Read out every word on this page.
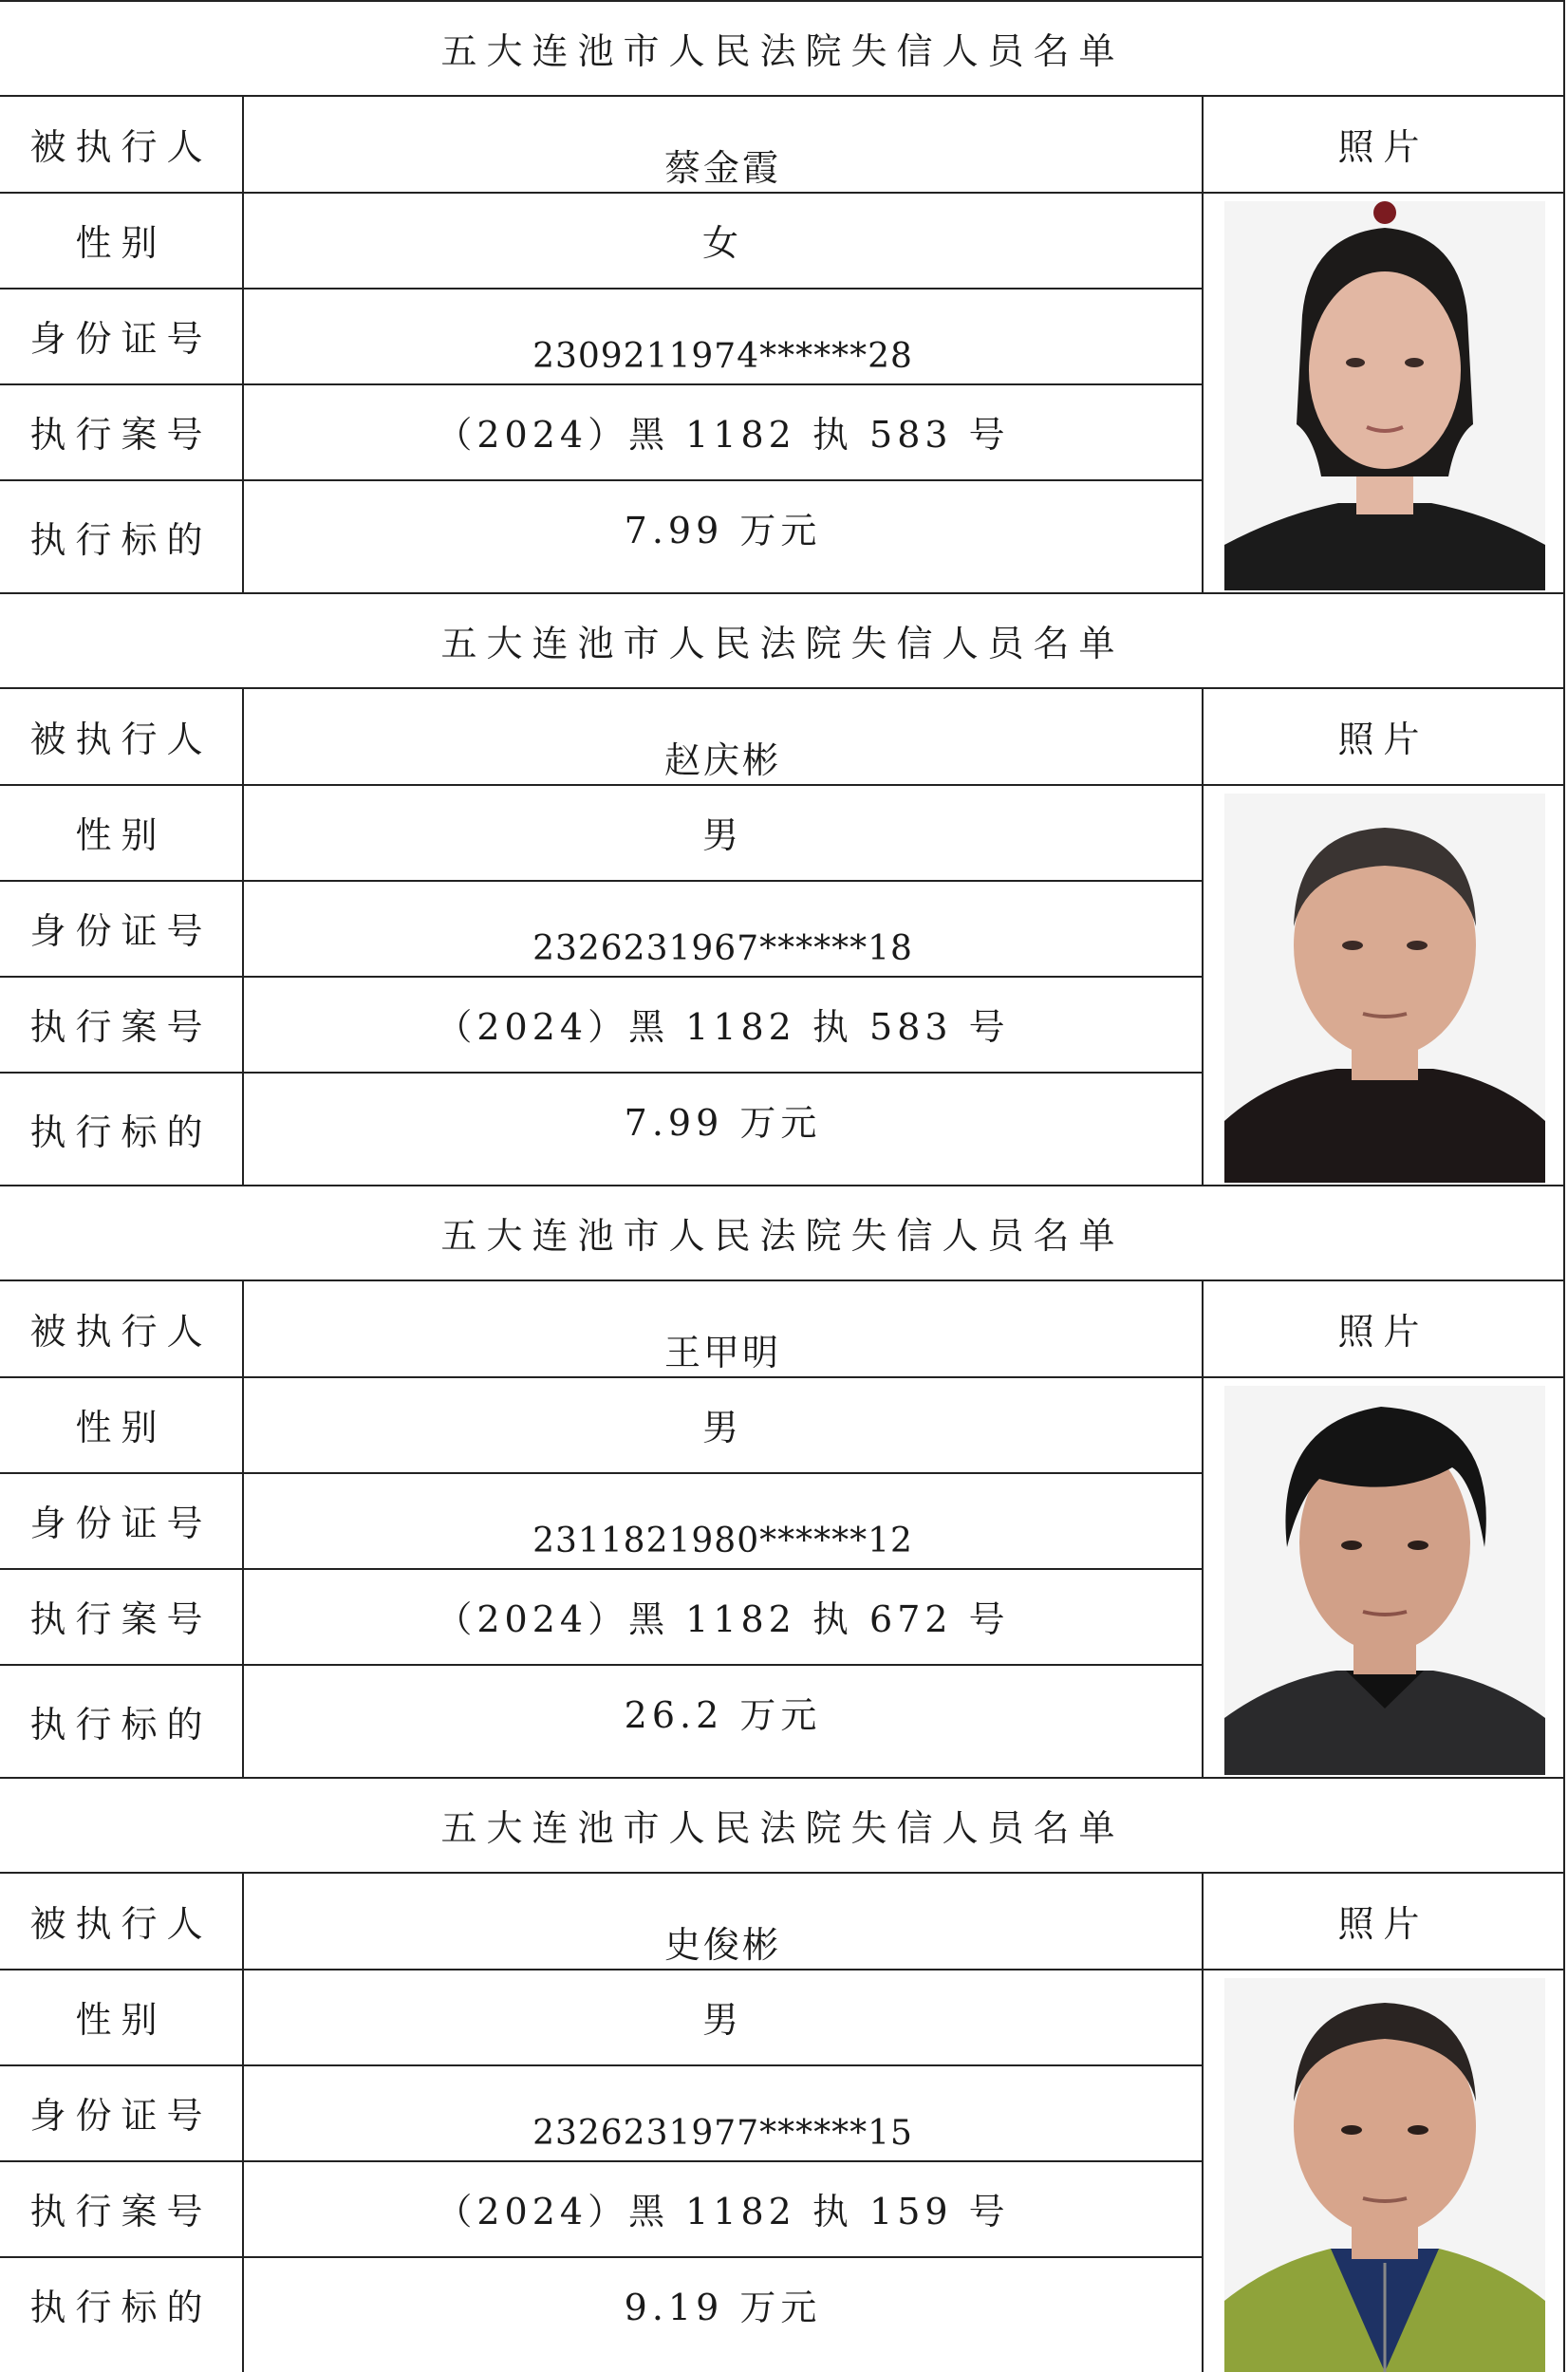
五大连池市人民法院失信人员名单
被执行人
性别
身份证号
执行案号
执行标的
蔡金霞
女
2309211974******28
（2024）黑 1182 执 583 号
7.99 万元
照片
五大连池市人民法院失信人员名单
被执行人
性别
身份证号
执行案号
执行标的
赵庆彬
男
2326231967******18
（2024）黑 1182 执 583 号
7.99 万元
照片
五大连池市人民法院失信人员名单
被执行人
性别
身份证号
执行案号
执行标的
王甲明
男
2311821980******12
（2024）黑 1182 执 672 号
26.2 万元
照片
五大连池市人民法院失信人员名单
被执行人
性别
身份证号
执行案号
执行标的
史俊彬
男
2326231977******15
（2024）黑 1182 执 159 号
9.19 万元
照片
